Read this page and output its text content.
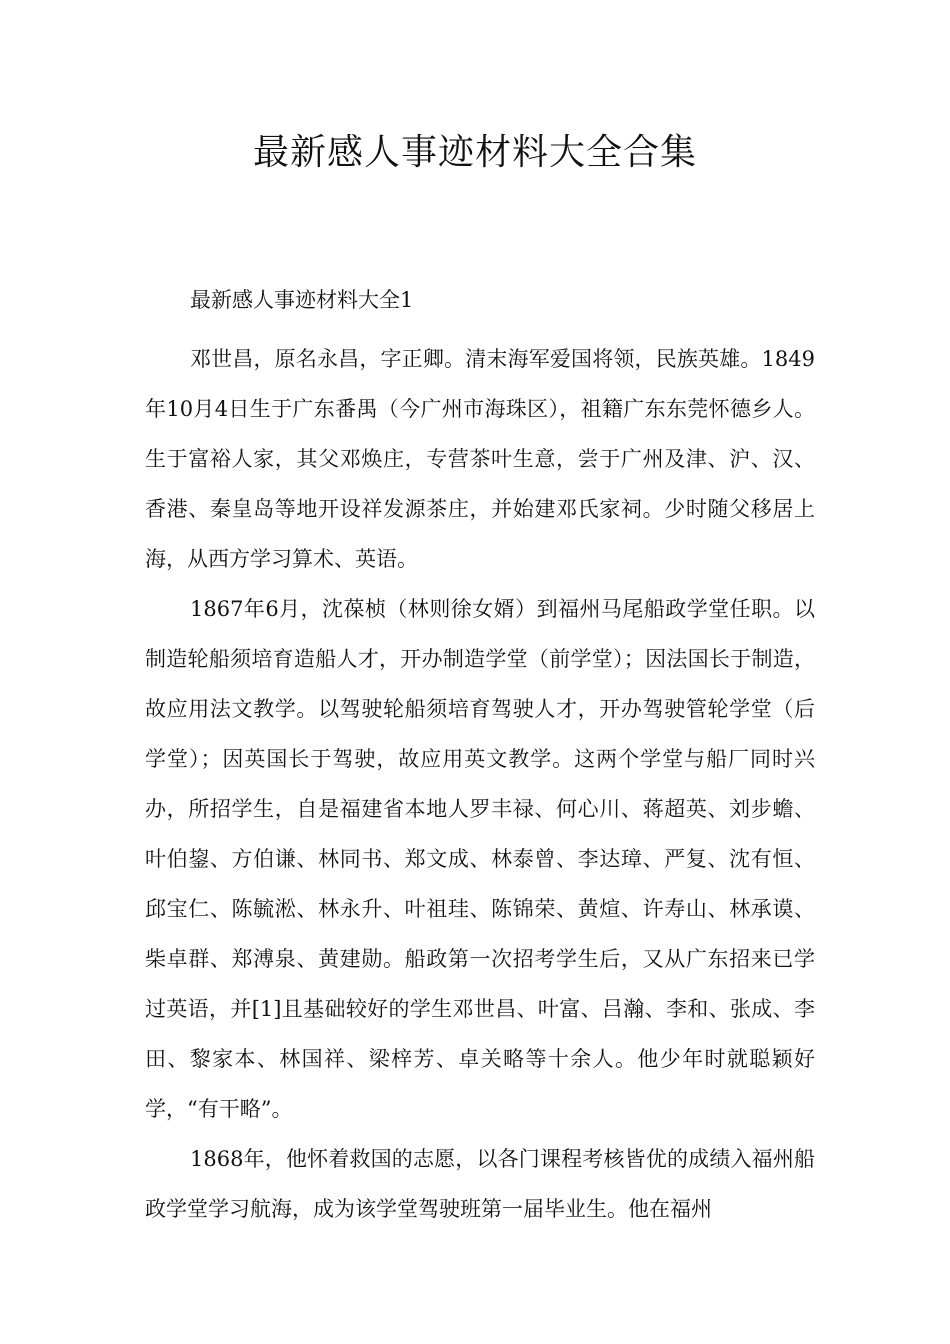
最新感人事迹材料大全合集

最新感人事迹材料大全1

邓世昌，原名永昌，字正卿。清末海军爱国将领，民族英雄。1849年10月4日生于广东番禺（今广州市海珠区），祖籍广东东莞怀德乡人。生于富裕人家，其父邓焕庄，专营茶叶生意，尝于广州及津、沪、汉、香港、秦皇岛等地开设祥发源茶庄，并始建邓氏家祠。少时随父移居上海，从西方学习算术、英语。

1867年6月，沈葆桢（林则徐女婿）到福州马尾船政学堂任职。以制造轮船须培育造船人才，开办制造学堂（前学堂）；因法国长于制造，故应用法文教学。以驾驶轮船须培育驾驶人才，开办驾驶管轮学堂（后学堂）；因英国长于驾驶，故应用英文教学。这两个学堂与船厂同时兴办，所招学生，自是福建省本地人罗丰禄、何心川、蒋超英、刘步蟾、叶伯鋆、方伯谦、林同书、郑文成、林泰曾、李达璋、严复、沈有恒、邱宝仁、陈毓淞、林永升、叶祖珪、陈锦荣、黄煊、许寿山、林承谟、柴卓群、郑溥泉、黄建勋。船政第一次招考学生后，又从广东招来已学过英语，并[1]且基础较好的学生邓世昌、叶富、吕瀚、李和、张成、李田、黎家本、林国祥、梁梓芳、卓关略等十余人。他少年时就聪颖好学，“有干略”。

1868年，他怀着救国的志愿，以各门课程考核皆优的成绩入福州船政学堂学习航海，成为该学堂驾驶班第一届毕业生。他在福州
